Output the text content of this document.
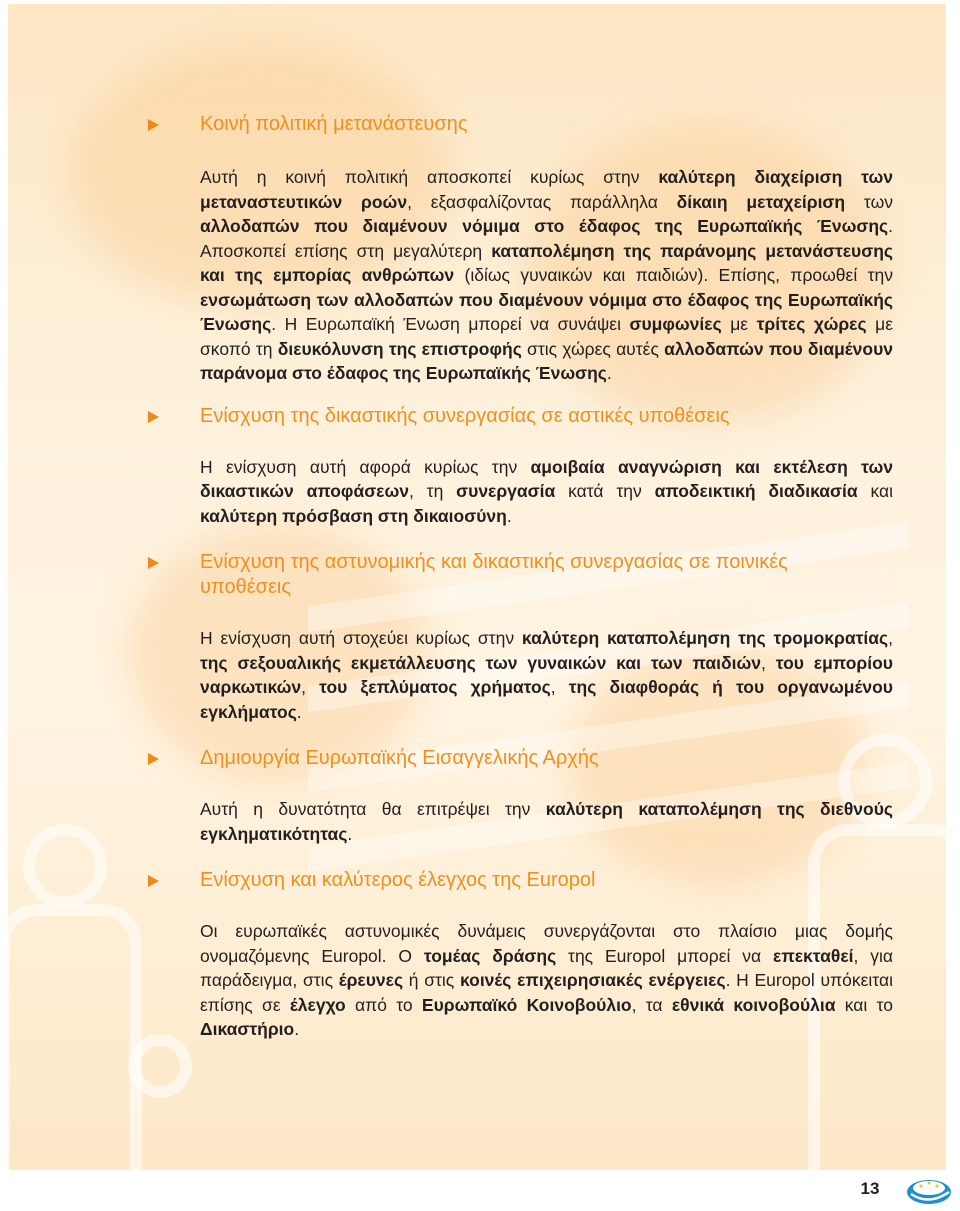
Κοινή πολιτική μετανάστευσης

Αυτή η κοινή πολιτική αποσκοπεί κυρίως στην καλύτερη διαχείριση των μεταναστευτικών ροών, εξασφαλίζοντας παράλληλα δίκαιη μεταχείριση των αλλοδαπών που διαμένουν νόμιμα στο έδαφος της Ευρωπαϊκής Ένωσης. Αποσκοπεί επίσης στη μεγαλύτερη καταπολέμηση της παράνομης μετανάστευσης και της εμπορίας ανθρώπων (ιδίως γυναικών και παιδιών). Επίσης, προωθεί την ενσωμάτωση των αλλοδαπών που διαμένουν νόμιμα στο έδαφος της Ευρωπαϊκής Ένωσης. Η Ευρωπαϊκή Ένωση μπορεί να συνάψει συμφωνίες με τρίτες χώρες με σκοπό τη διευκόλυνση της επιστροφής στις χώρες αυτές αλλοδαπών που διαμένουν παράνομα στο έδαφος της Ευρωπαϊκής Ένωσης.

Ενίσχυση της δικαστικής συνεργασίας σε αστικές υποθέσεις

Η ενίσχυση αυτή αφορά κυρίως την αμοιβαία αναγνώριση και εκτέλεση των δικαστικών αποφάσεων, τη συνεργασία κατά την αποδεικτική διαδικασία και καλύτερη πρόσβαση στη δικαιοσύνη.

Ενίσχυση της αστυνομικής και δικαστικής συνεργασίας σε ποινικές υποθέσεις

Η ενίσχυση αυτή στοχεύει κυρίως στην καλύτερη καταπολέμηση της τρομοκρατίας, της σεξουαλικής εκμετάλλευσης των γυναικών και των παιδιών, του εμπορίου ναρκωτικών, του ξεπλύματος χρήματος, της διαφθοράς ή του οργανωμένου εγκλήματος.

Δημιουργία Ευρωπαϊκής Εισαγγελικής Αρχής

Αυτή η δυνατότητα θα επιτρέψει την καλύτερη καταπολέμηση της διεθνούς εγκληματικότητας.

Ενίσχυση και καλύτερος έλεγχος της Europol

Οι ευρωπαϊκές αστυνομικές δυνάμεις συνεργάζονται στο πλαίσιο μιας δομής ονομαζόμενης Europol. Ο τομέας δράσης της Europol μπορεί να επεκταθεί, για παράδειγμα, στις έρευνες ή στις κοινές επιχειρησιακές ενέργειες. Η Europol υπόκειται επίσης σε έλεγχο από το Ευρωπαϊκό Κοινοβούλιο, τα εθνικά κοινοβούλια και το Δικαστήριο.

13
